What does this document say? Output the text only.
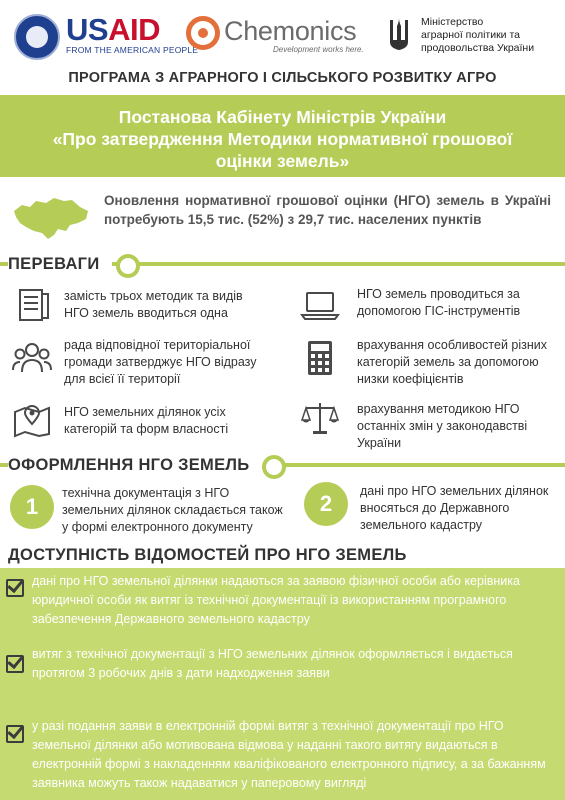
USAID
FROM THE AMERICAN PEOPLE
Chemonics
Development works here.
Міністерство
аграрної політики та
продовольства України
ПРОГРАМА З АГРАРНОГО І СІЛЬСЬКОГО РОЗВИТКУ АГРО
Постанова Кабінету Міністрів України
«Про затвердження Методики нормативної грошової
оцінки земель»
Оновлення нормативної грошової оцінки (НГО) земель в Україні потребують 15,5 тис. (52%) з 29,7 тис. населених пунктів
ПЕРЕВАГИ
замість трьох методик та видів НГО земель вводиться одна
рада відповідної територіальної громади затверджує НГО відразу для всієї її території
НГО земельних ділянок усіх категорій та форм власності
НГО земель проводиться за допомогою ГІС-інструментів
врахування особливостей різних категорій земель за допомогою низки коефіцієнтів
врахування методикою НГО останніх змін у законодавстві України
ОФОРМЛЕННЯ НГО ЗЕМЕЛЬ
1
технічна документація з НГО земельних ділянок складається також у формі електронного документу
2	дані про НГО земельних ділянок вносяться до Державного земельного кадастру
ДОСТУПНІСТЬ ВІДОМОСТЕЙ ПРО НГО ЗЕМЕЛЬ
дані про НГО земельної ділянки надаються за заявою фізичної особи або керівника юридичної особи як витяг із технічної документації із використанням програмного забезпечення Державного земельного кадастру
витяг з технічної документації з НГО земельних ділянок оформляється і видається
протягом 3 робочих днів з дати надходження заяви
у разі подання заяви в електронній формі витяг з технічної документації про НГО земельної ділянки або мотивована відмова у наданні такого витягу видаються в електронній формі з накладенням кваліфікованого електронного підпису, а за бажанням заявника можуть також надаватися у паперовому вигляді
